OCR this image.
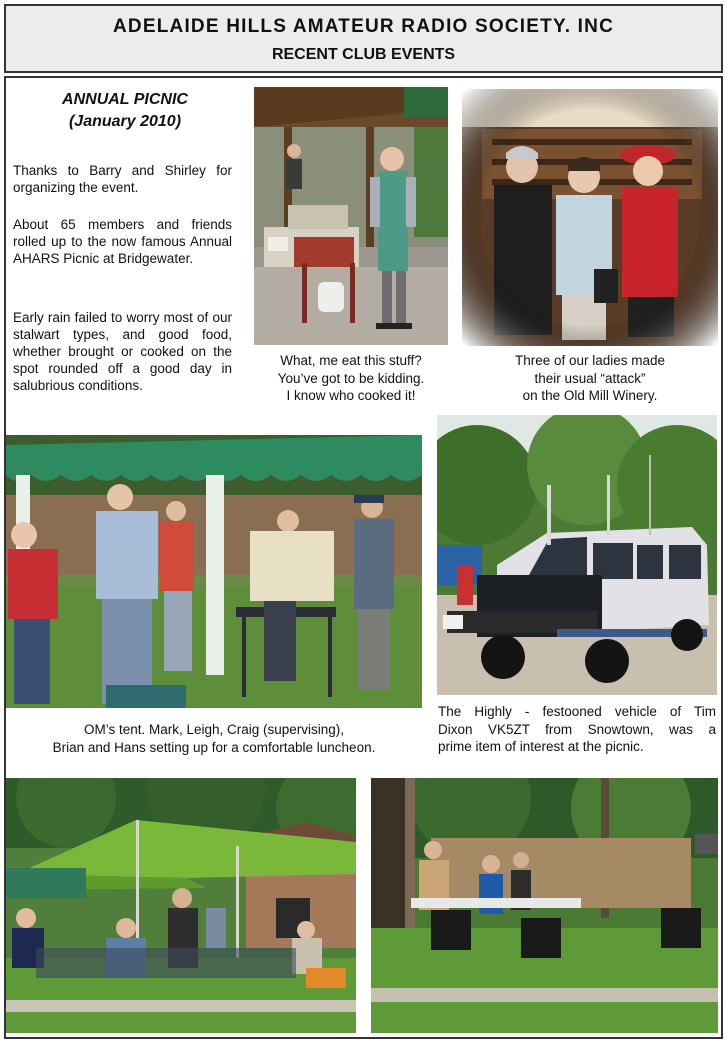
ADELAIDE HILLS AMATEUR RADIO SOCIETY. INC
RECENT CLUB EVENTS
ANNUAL PICNIC
(January 2010)
Thanks to Barry and Shirley for organizing the event.
About 65 members and friends rolled up to the now famous Annual AHARS Picnic at Bridgewater.
Early rain failed to worry most of our stalwart types, and good food, whether brought or cooked on the spot rounded off a good day in salubrious conditions.
What, me eat this stuff?
You’ve got to be kidding.
I know who cooked it!
Three of our ladies made
their usual “attack”
on the Old Mill Winery.
OM’s tent. Mark, Leigh, Craig (supervising),
Brian and Hans setting up for a comfortable luncheon.
The Highly - festooned vehicle of Tim
Dixon VK5ZT from Snowtown, was a
prime item of interest at the picnic.
